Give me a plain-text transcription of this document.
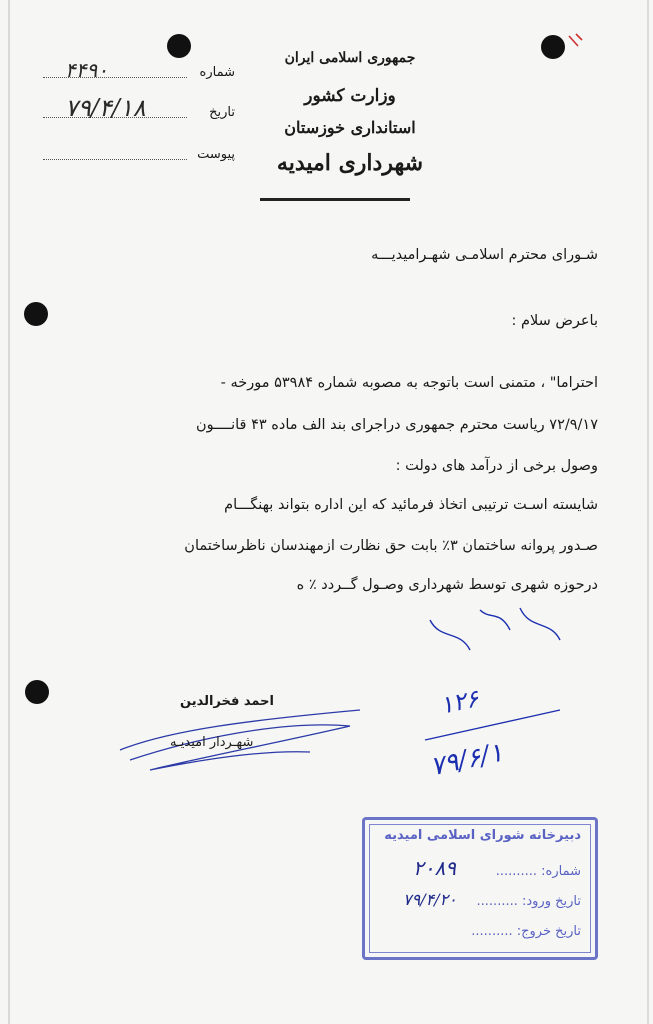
شماره
۴۴۹۰
تاریخ
۷۹/۴/۱۸
پیوست
جمهوری اسلامی ایران
وزارت کشور
استانداری خوزستان
شهرداری امیدیه
شـورای محترم اسلامـی شهـرامیدیـــه
باعرض سلام :
احتراما" ، متمنی است باتوجه به مصوبه شماره ۵۳۹۸۴ مورخه -
۷۲/۹/۱۷ ریاست محترم جمهوری دراجرای بند الف ماده ۴۳ قانــــون
وصول برخی از درآمد های دولت :
شایسته اسـت ترتیبی اتخاذ فرمائید که این اداره بتواند بهنگـــام
صـدور پروانه ساختمان ۳٪ بابت حق نظارت ازمهندسان ناظرساختمان
درحوزه شهری توسط شهرداری وصـول گــردد ٪ ه
احمد فخرالدین
شهـردار امیدیـه
۱۲۶
۷۹/۶/۱
دبیرخانه شورای اسلامی امیدیه
شماره: ..........
تاریخ ورود: ..........
تاریخ خروج: ..........
۲۰۸۹
۷۹/۴/۲۰
